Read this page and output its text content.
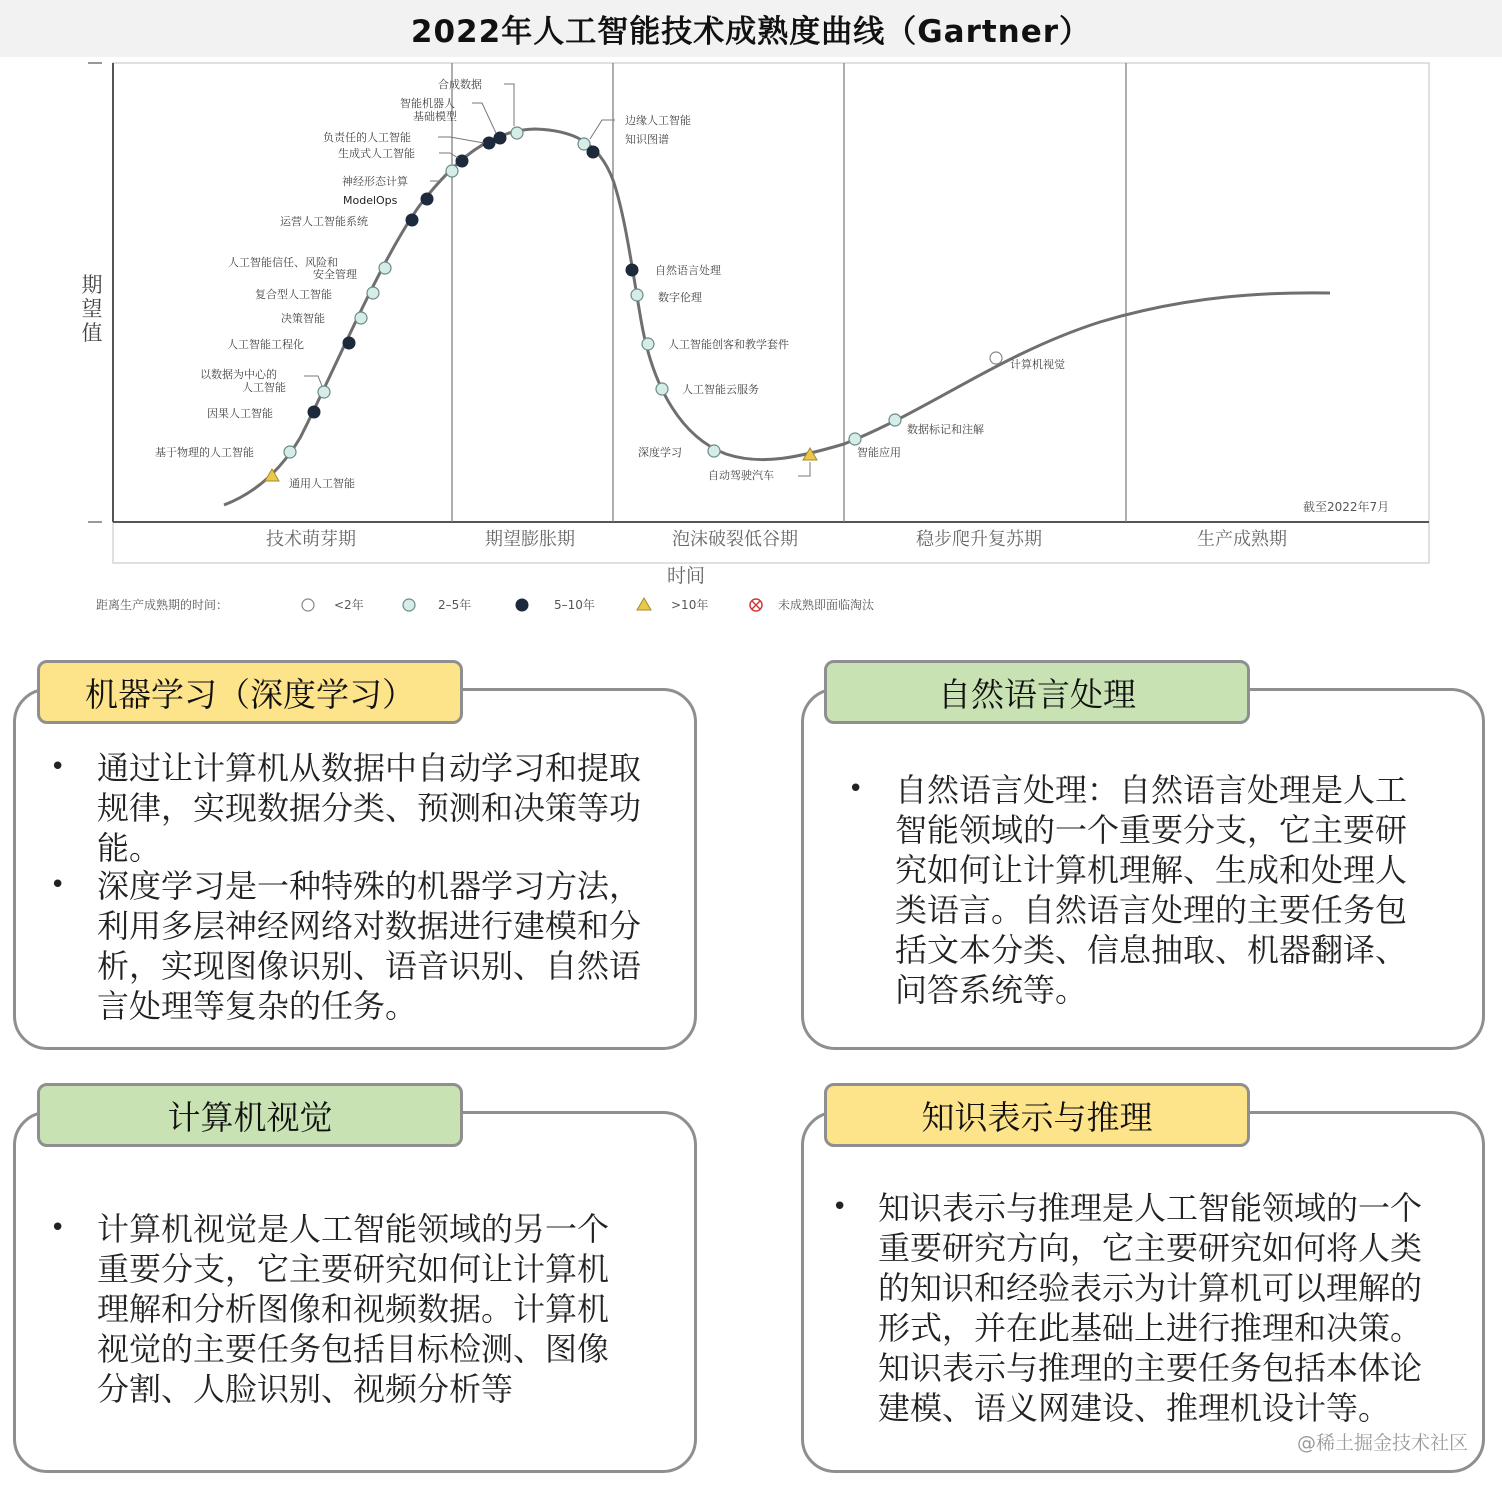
2022年人工智能技术成熟度曲线（Gartner）
期
望
值
通用人工智能
基于物理的人工智能
因果人工智能
以数据为中心的
人工智能
人工智能工程化
决策智能
复合型人工智能
人工智能信任、风险和
安全管理
运营人工智能系统
ModelOps
神经形态计算
生成式人工智能
负责任的人工智能
智能机器人
基础模型
合成数据
边缘人工智能
知识图谱
自然语言处理
数字伦理
人工智能创客和教学套件
人工智能云服务
深度学习
自动驾驶汽车
智能应用
数据标记和注解
计算机视觉
截至2022年7月
技术萌芽期	期望膨胀期	泡沫破裂低谷期	稳步爬升复苏期	生产成熟期
时间
距离生产成熟期的时间：	<2年	2–5年	5–10年	>10年	未成熟即面临淘汰
机器学习（深度学习）
• 通过让计算机从数据中自动学习和提取规律，实现数据分类、预测和决策等功能。
• 深度学习是一种特殊的机器学习方法，利用多层神经网络对数据进行建模和分析，实现图像识别、语音识别、自然语言处理等复杂的任务。
自然语言处理
• 自然语言处理：自然语言处理是人工智能领域的一个重要分支，它主要研究如何让计算机理解、生成和处理人类语言。自然语言处理的主要任务包括文本分类、信息抽取、机器翻译、问答系统等。
计算机视觉
• 计算机视觉是人工智能领域的另一个重要分支，它主要研究如何让计算机理解和分析图像和视频数据。计算机视觉的主要任务包括目标检测、图像分割、人脸识别、视频分析等
知识表示与推理
• 知识表示与推理是人工智能领域的一个重要研究方向，它主要研究如何将人类的知识和经验表示为计算机可以理解的形式，并在此基础上进行推理和决策。知识表示与推理的主要任务包括本体论建模、语义网建设、推理机设计等。
@稀土掘金技术社区
